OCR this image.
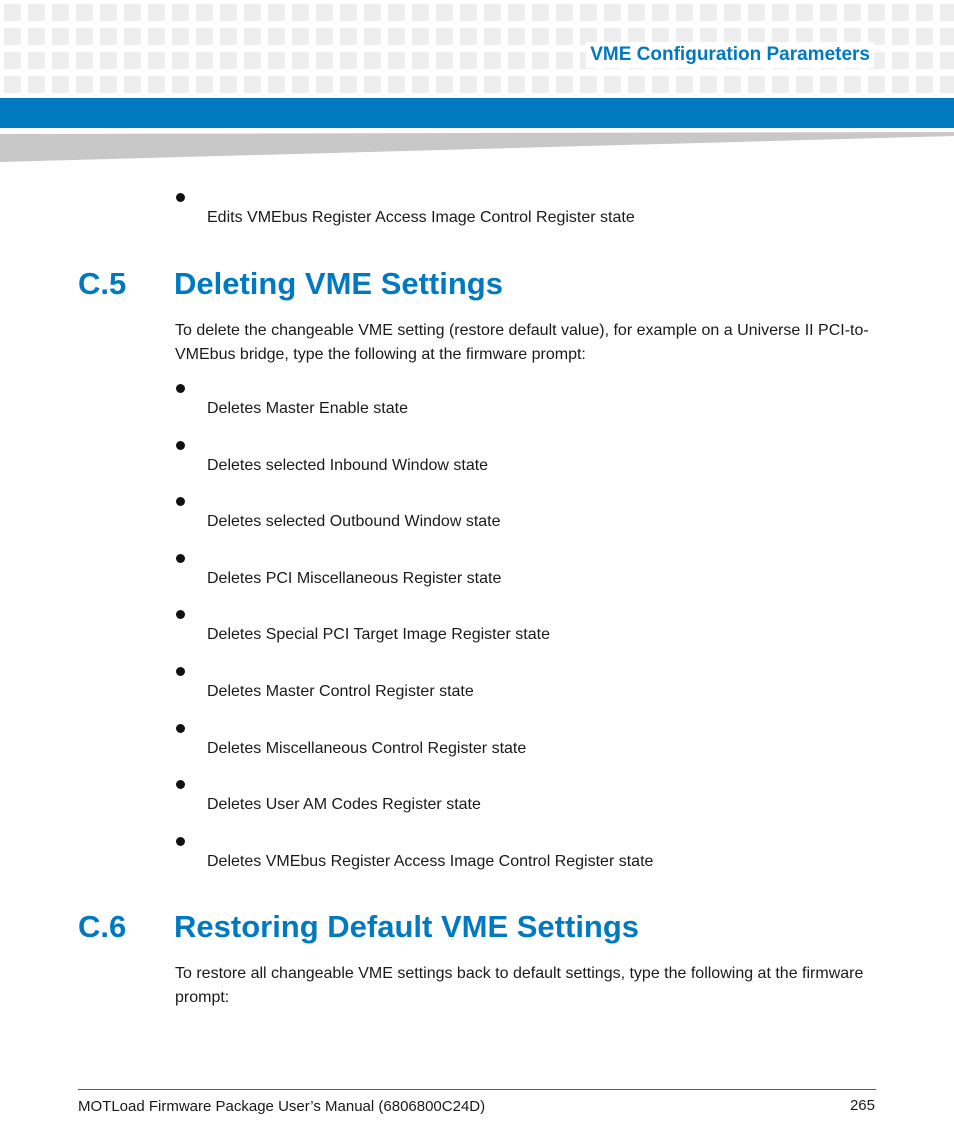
VME Configuration Parameters
Edits VMEbus Register Access Image Control Register state
C.5 Deleting VME Settings
To delete the changeable VME setting (restore default value), for example on a Universe II PCI-to-VMEbus bridge, type the following at the firmware prompt:
Deletes Master Enable state
Deletes selected Inbound Window state
Deletes selected Outbound Window state
Deletes PCI Miscellaneous Register state
Deletes Special PCI Target Image Register state
Deletes Master Control Register state
Deletes Miscellaneous Control Register state
Deletes User AM Codes Register state
Deletes VMEbus Register Access Image Control Register state
C.6 Restoring Default VME Settings
To restore all changeable VME settings back to default settings, type the following at the firmware prompt:
MOTLoad Firmware Package User’s Manual (6806800C24D)	265
